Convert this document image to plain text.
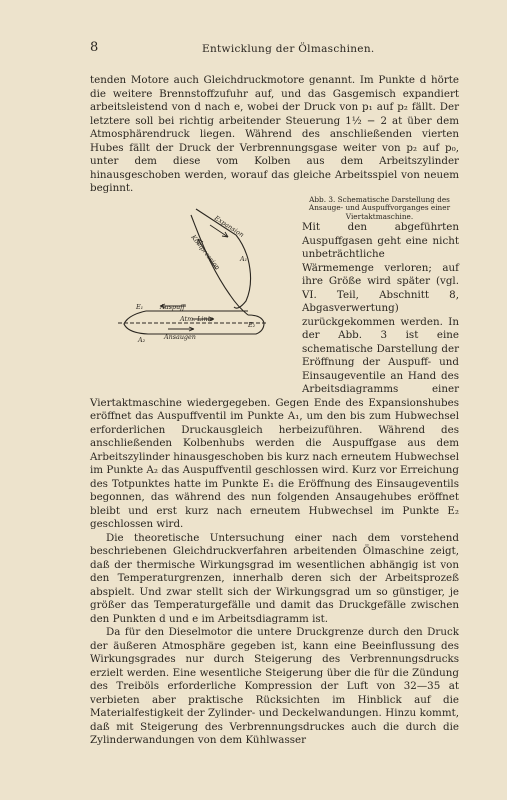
8	Entwicklung der Ölmaschinen.

tenden Motore auch Gleichdruckmotore genannt. Im Punkte d hörte die weitere Brennstoffzufuhr auf, und das Gasgemisch expandiert arbeitsleistend von d nach e, wobei der Druck von p₁ auf p₂ fällt. Der letztere soll bei richtig arbeitender Steuerung 1½ − 2 at über dem Atmosphärendruck liegen. Während des anschließenden vierten Hubes fällt der Druck der Verbrennungsgase weiter von p₂ auf p₀, unter dem diese vom Kolben aus dem Arbeitszylinder hinausgeschoben werden, worauf das gleiche Arbeitsspiel von neuem beginnt.

Expansion
Kompression
Auspuff
Atm. Linie
Ansaugen
A₁
A₂
E₁
E₂

Abb. 3. Schematische Darstellung des Ansauge- und Auspuffvorganges einer Viertaktmaschine.
Mit den abgeführten Auspuffgasen geht eine nicht unbeträchtliche Wärmemenge verloren; auf ihre Größe wird später (vgl. VI. Teil, Abschnitt 8, Abgasverwertung) zurückgekommen werden. In der Abb. 3 ist eine schematische Darstellung der Eröffnung der Auspuff- und Einsaugeventile an Hand des Arbeitsdiagramms einer Viertaktmaschine wiedergegeben. Gegen Ende des Expansionshubes eröffnet das Auspuffventil im Punkte A₁, um den bis zum Hubwechsel erforderlichen Druckausgleich herbeizuführen. Während des anschließenden Kolbenhubs werden die Auspuffgase aus dem Arbeitszylinder hinausgeschoben bis kurz nach erneutem Hubwechsel im Punkte A₂ das Auspuffventil geschlossen wird. Kurz vor Erreichung des Totpunktes hatte im Punkte E₁ die Eröffnung des Einsaugeventils begonnen, das während des nun folgenden Ansaugehubes eröffnet bleibt und erst kurz nach erneutem Hubwechsel im Punkte E₂ geschlossen wird.

Die theoretische Untersuchung einer nach dem vorstehend beschriebenen Gleichdruckverfahren arbeitenden Ölmaschine zeigt, daß der thermische Wirkungsgrad im wesentlichen abhängig ist von den Temperaturgrenzen, innerhalb deren sich der Arbeitsprozeß abspielt. Und zwar stellt sich der Wirkungsgrad um so günstiger, je größer das Temperaturgefälle und damit das Druckgefälle zwischen den Punkten d und e im Arbeitsdiagramm ist.

Da für den Dieselmotor die untere Druckgrenze durch den Druck der äußeren Atmosphäre gegeben ist, kann eine Beeinflussung des Wirkungsgrades nur durch Steigerung des Verbrennungsdrucks erzielt werden. Eine wesentliche Steigerung über die für die Zündung des Treiböls erforderliche Kompression der Luft von 32—35 at verbieten aber praktische Rücksichten im Hinblick auf die Materialfestigkeit der Zylinder- und Deckelwandungen. Hinzu kommt, daß mit Steigerung des Verbrennungsdruckes auch die durch die Zylinderwandungen von dem Kühlwasser
